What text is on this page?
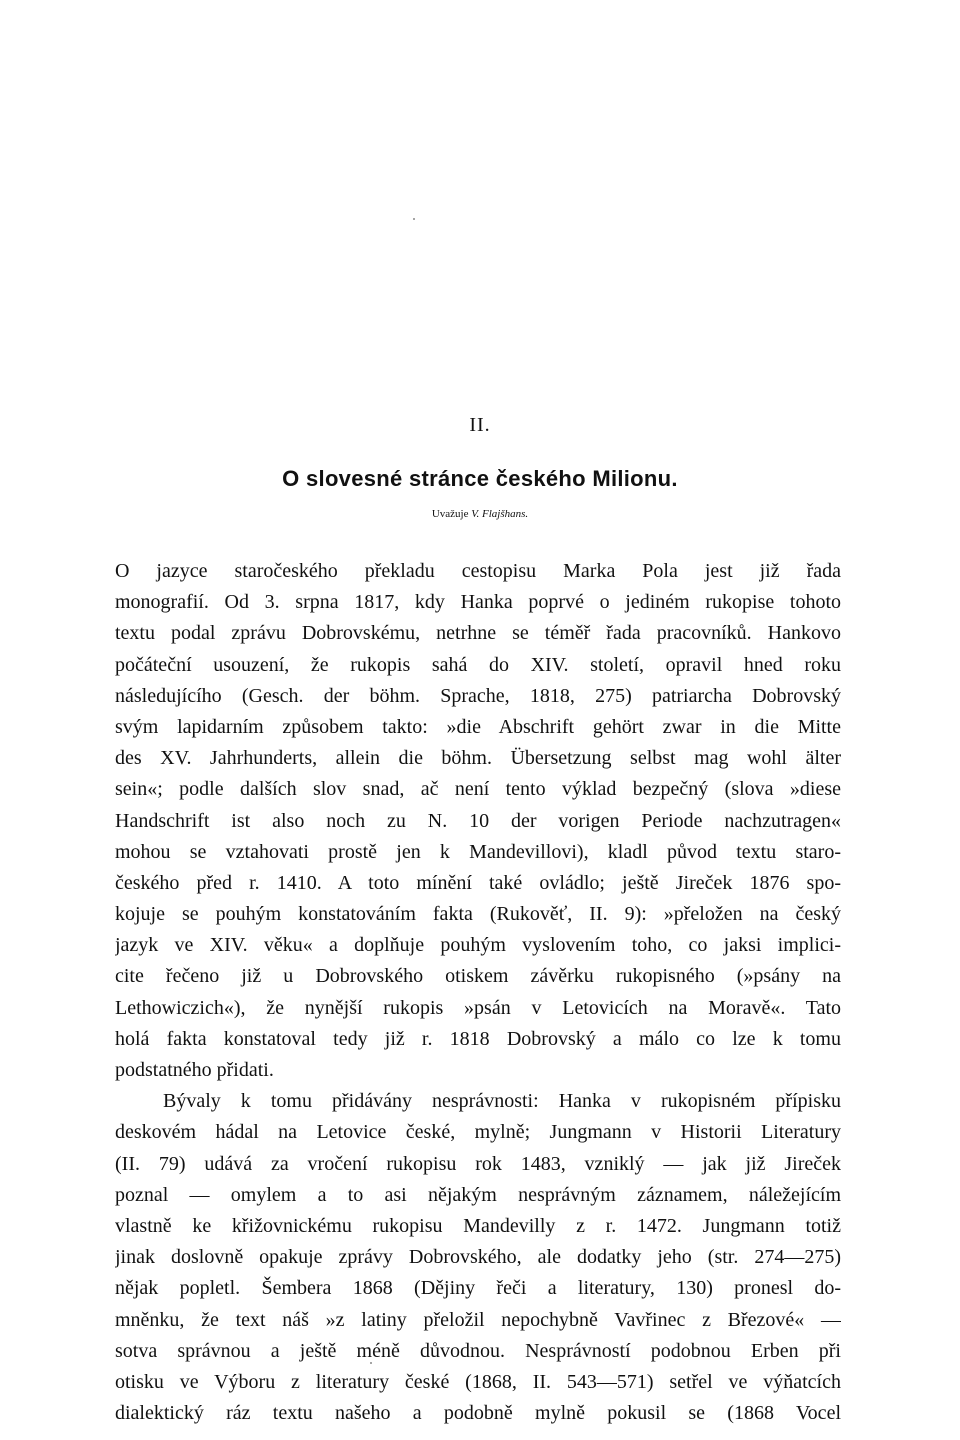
II.
O slovesné stránce českého Milionu.
Uvažuje V. Flajšhans.
O jazyce staročeského překladu cestopisu Marka Pola jest již řada
monografií. Od 3. srpna 1817, kdy Hanka poprvé o jediném rukopise tohoto
textu podal zprávu Dobrovskému, netrhne se téměř řada pracovníků. Hankovo
počáteční usouzení, že rukopis sahá do XIV. století, opravil hned roku
následujícího (Gesch. der böhm. Sprache, 1818, 275) patriarcha Dobrovský
svým lapidarním způsobem takto: »die Abschrift gehört zwar in die Mitte
des XV. Jahrhunderts, allein die böhm. Übersetzung selbst mag wohl älter
sein«; podle dalších slov snad, ač není tento výklad bezpečný (slova »diese
Handschrift ist also noch zu N. 10 der vorigen Periode nachzutragen«
mohou se vztahovati prostě jen k Mandevillovi), kladl původ textu staro-
českého před r. 1410. A toto mínění také ovládlo; ještě Jireček 1876 spo-
kojuje se pouhým konstatováním fakta (Rukověť, II. 9): »přeložen na český
jazyk ve XIV. věku« a doplňuje pouhým vyslovením toho, co jaksi implici-
cite řečeno již u Dobrovského otiskem závěrku rukopisného (»psány na
Lethowiczich«), že nynější rukopis »psán v Letovicích na Moravě«. Tato
holá fakta konstatoval tedy již r. 1818 Dobrovský a málo co lze k tomu
podstatného přidati.
Bývaly k tomu přidávány nesprávnosti: Hanka v rukopisném přípisku
deskovém hádal na Letovice české, mylně; Jungmann v Historii Literatury
(II. 79) udává za vročení rukopisu rok 1483, vzniklý — jak již Jireček
poznal — omylem a to asi nějakým nesprávným záznamem, náležejícím
vlastně ke křižovnickému rukopisu Mandevilly z r. 1472. Jungmann totiž
jinak doslovně opakuje zprávy Dobrovského, ale dodatky jeho (str. 274—275)
nějak popletl. Šembera 1868 (Dějiny řeči a literatury, 130) pronesl do-
mněnku, že text náš »z latiny přeložil nepochybně Vavřinec z Březové« —
sotva správnou a ještě méně důvodnou. Nesprávností podobnou Erben při
otisku ve Výboru z literatury české (1868, II. 543—571) setřel ve výňatcích
dialektický ráz textu našeho a podobně mylně pokusil se (1868 Vocel
